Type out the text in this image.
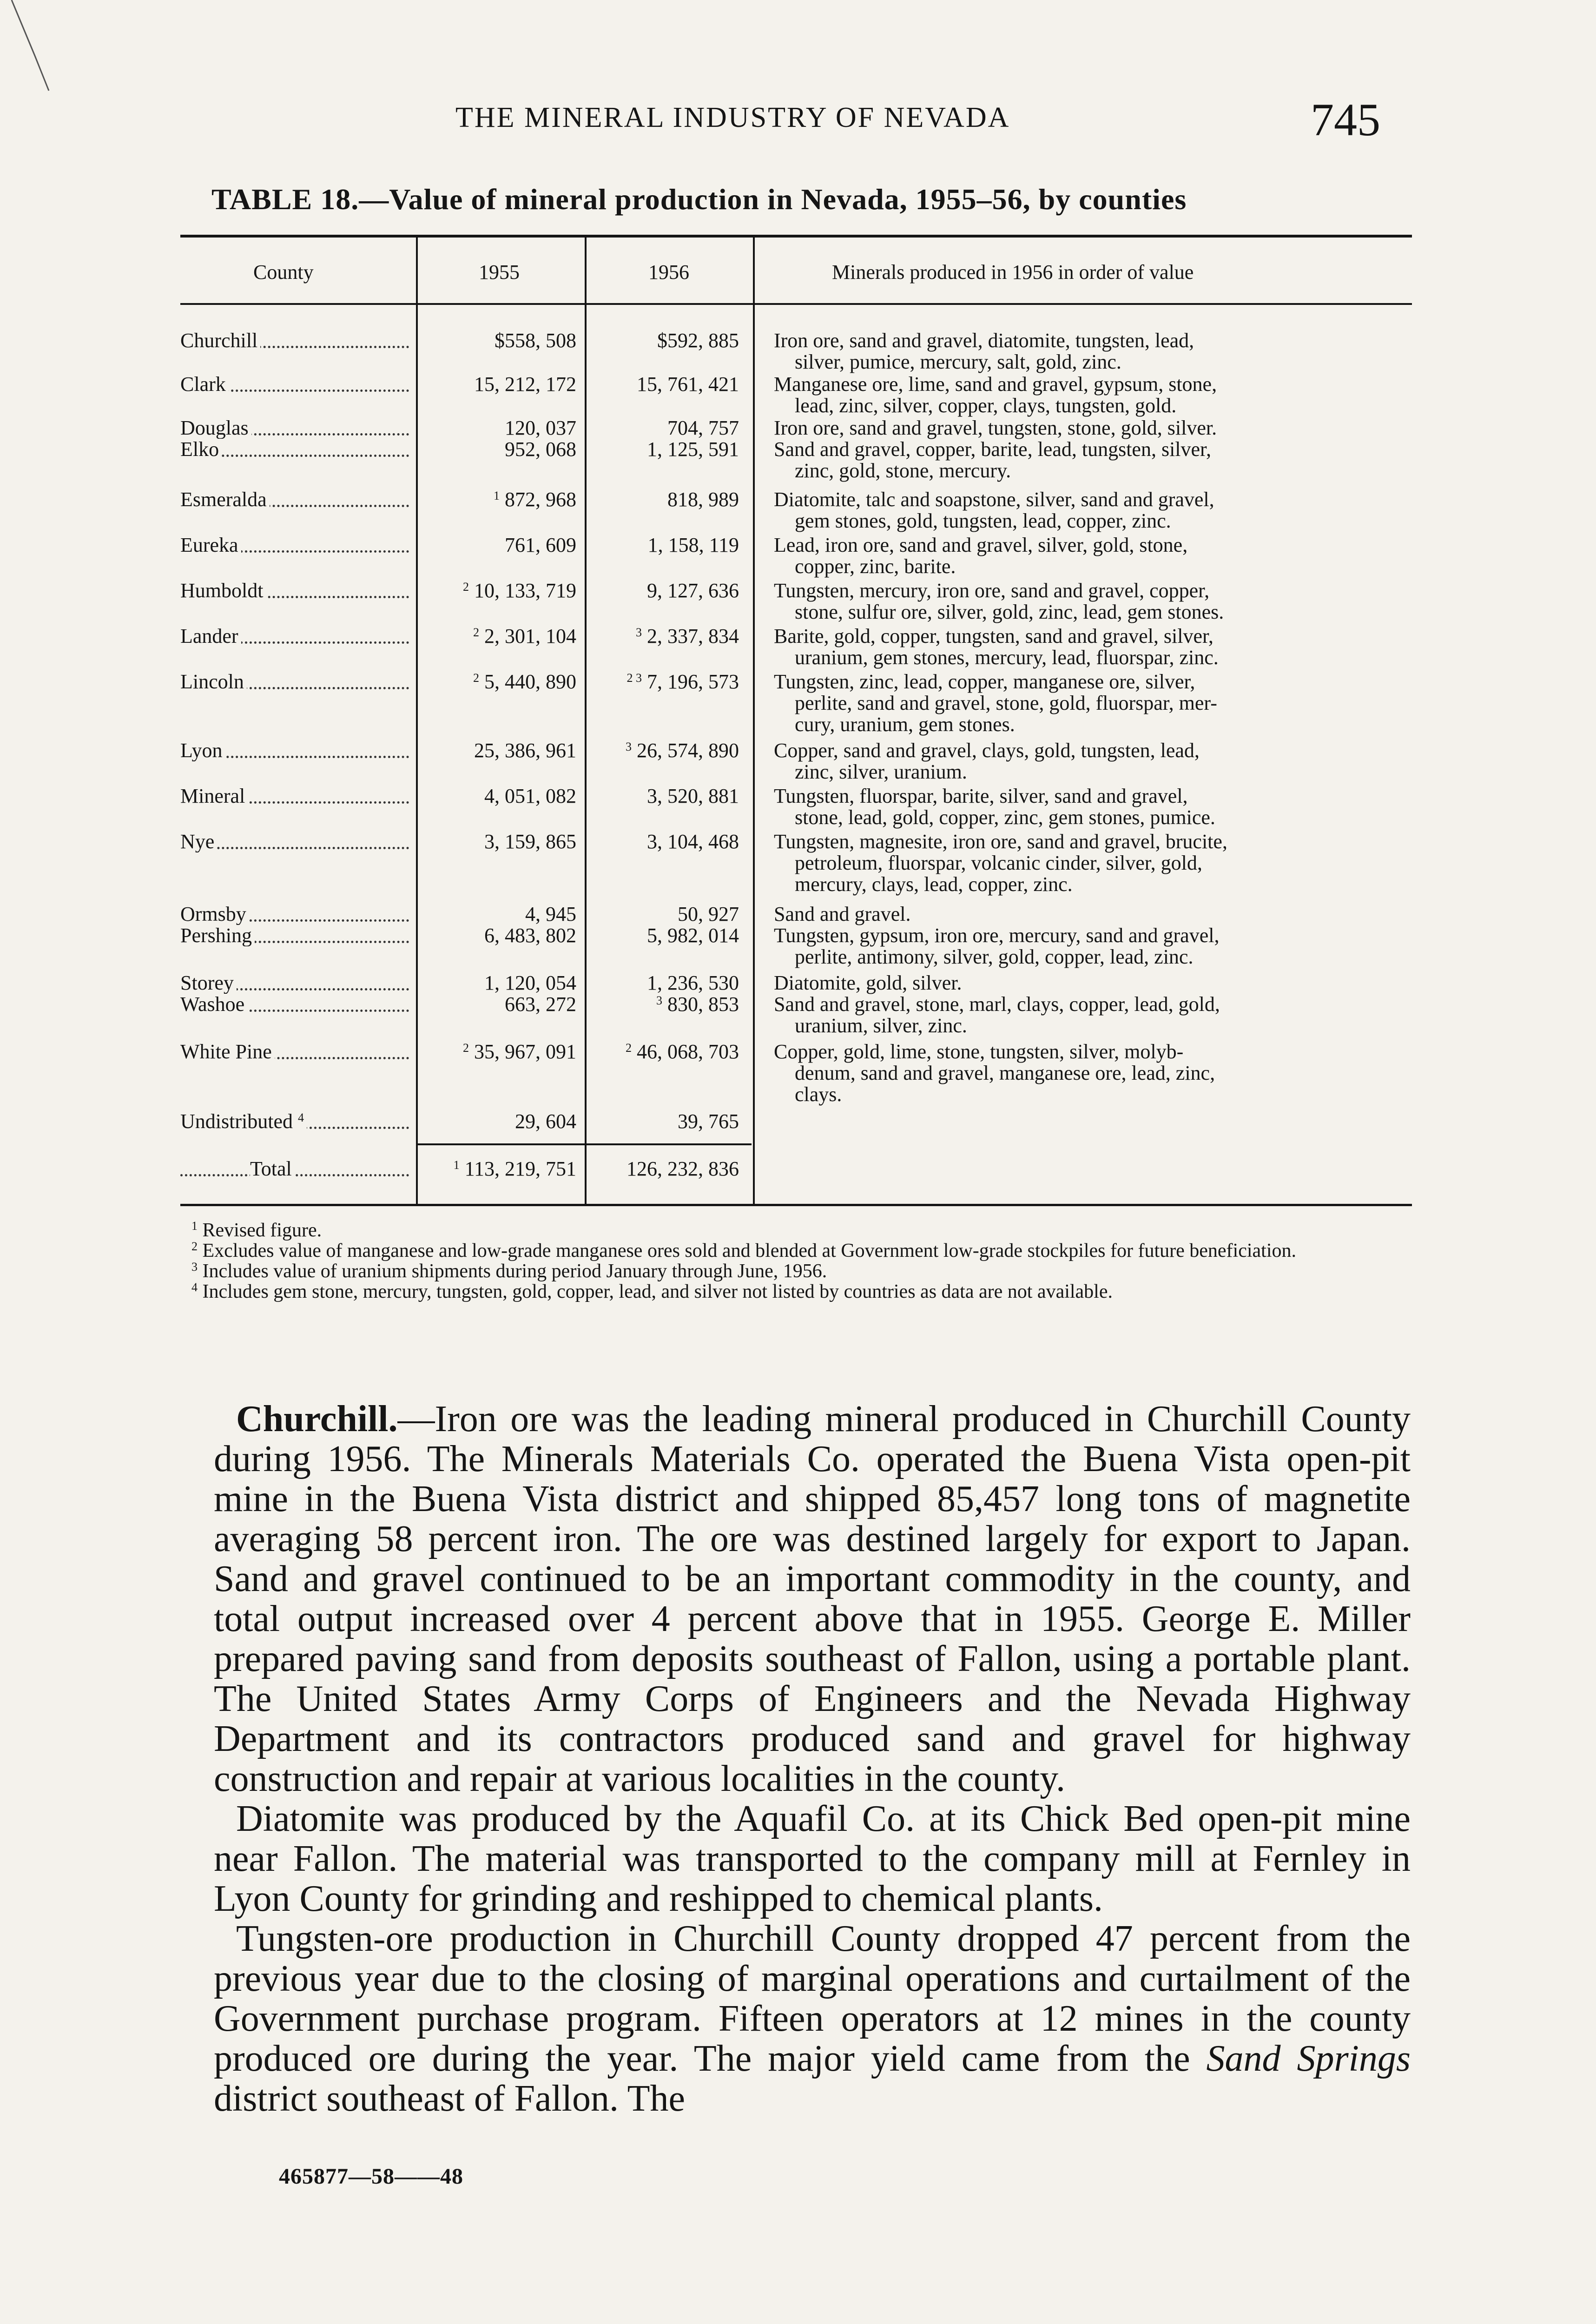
THE MINERAL INDUSTRY OF NEVADA	745
TABLE 18.—Value of mineral production in Nevada, 1955–56, by counties
County	1955	1956	Minerals produced in 1956 in order of value
Churchill	$558, 508	$592, 885 Iron ore, sand and gravel, diatomite, tungsten, lead,
silver, pumice, mercury, salt, gold, zinc.
Clark	15, 212, 172	15, 761, 421 Manganese ore, lime, sand and gravel, gypsum, stone,
lead, zinc, silver, copper, clays, tungsten, gold.
Douglas	120, 037	704, 757 Iron ore, sand and gravel, tungsten, stone, gold, silver.
Elko	952, 068	1, 125, 591 Sand and gravel, copper, barite, lead, tungsten, silver,
zinc, gold, stone, mercury.
Esmeralda	$^1$ 872, 968	818, 989 Diatomite, talc and soapstone, silver, sand and gravel,
gem stones, gold, tungsten, lead, copper, zinc.
Eureka	761, 609	1, 158, 119 Lead, iron ore, sand and gravel, silver, gold, stone,
copper, zinc, barite.
Humboldt	$^2$ 10, 133, 719	9, 127, 636 Tungsten, mercury, iron ore, sand and gravel, copper,
stone, sulfur ore, silver, gold, zinc, lead, gem stones.
Lander	$^2$ 2, 301, 104	$^3$ 2, 337, 834 Barite, gold, copper, tungsten, sand and gravel, silver,
uranium, gem stones, mercury, lead, fluorspar, zinc.
Lincoln	$^2$ 5, 440, 890	$^{2 3}$ 7, 196, 573 Tungsten, zinc, lead, copper, manganese ore, silver,
perlite, sand and gravel, stone, gold, fluorspar, mer-
cury, uranium, gem stones.
Lyon	25, 386, 961	$^3$ 26, 574, 890 Copper, sand and gravel, clays, gold, tungsten, lead,
zinc, silver, uranium.
Mineral	4, 051, 082	3, 520, 881 Tungsten, fluorspar, barite, silver, sand and gravel,
stone, lead, gold, copper, zinc, gem stones, pumice.
Nye	3, 159, 865	3, 104, 468 Tungsten, magnesite, iron ore, sand and gravel, brucite,
petroleum, fluorspar, volcanic cinder, silver, gold,
mercury, clays, lead, copper, zinc.
Ormsby	4, 945	50, 927 Sand and gravel.
Pershing	6, 483, 802	5, 982, 014 Tungsten, gypsum, iron ore, mercury, sand and gravel,
perlite, antimony, silver, gold, copper, lead, zinc.
Storey	1, 120, 054	1, 236, 530 Diatomite, gold, silver.
Washoe	663, 272	$^3$ 830, 853 Sand and gravel, stone, marl, clays, copper, lead, gold,
uranium, silver, zinc.
White Pine	$^2$ 35, 967, 091	$^2$ 46, 068, 703 Copper, gold, lime, stone, tungsten, silver, molyb-
denum, sand and gravel, manganese ore, lead, zinc,
clays.
Undistributed $^4$	29, 604	39, 765
Total	$^1$ 113, 219, 751	126, 232, 836

$^1$ Revised figure.

$^2$ Excludes value of manganese and low-grade manganese ores sold and blended at Government low-grade stockpiles for future beneficiation.

$^3$ Includes value of uranium shipments during period January through June, 1956.

$^4$ Includes gem stone, mercury, tungsten, gold, copper, lead, and silver not listed by countries as data are not available.

Churchill.—Iron ore was the leading mineral produced in Churchill County during 1956. The Minerals Materials Co. operated the Buena Vista open-pit mine in the Buena Vista district and shipped 85,457 long tons of magnetite averaging 58 percent iron. The ore was destined largely for export to Japan. Sand and gravel continued to be an important commodity in the county, and total output increased over 4 percent above that in 1955. George E. Miller prepared paving sand from deposits southeast of Fallon, using a portable plant. The United States Army Corps of Engineers and the Nevada Highway Department and its contractors produced sand and gravel for highway construction and repair at various localities in the county.

Diatomite was produced by the Aquafil Co. at its Chick Bed open-pit mine near Fallon. The material was transported to the company mill at Fernley in Lyon County for grinding and reshipped to chemical plants.

Tungsten-ore production in Churchill County dropped 47 percent from the previous year due to the closing of marginal operations and curtailment of the Government purchase program. Fifteen operators at 12 mines in the county produced ore during the year. The major yield came from the Sand Springs district southeast of Fallon. The

465877—58——48
